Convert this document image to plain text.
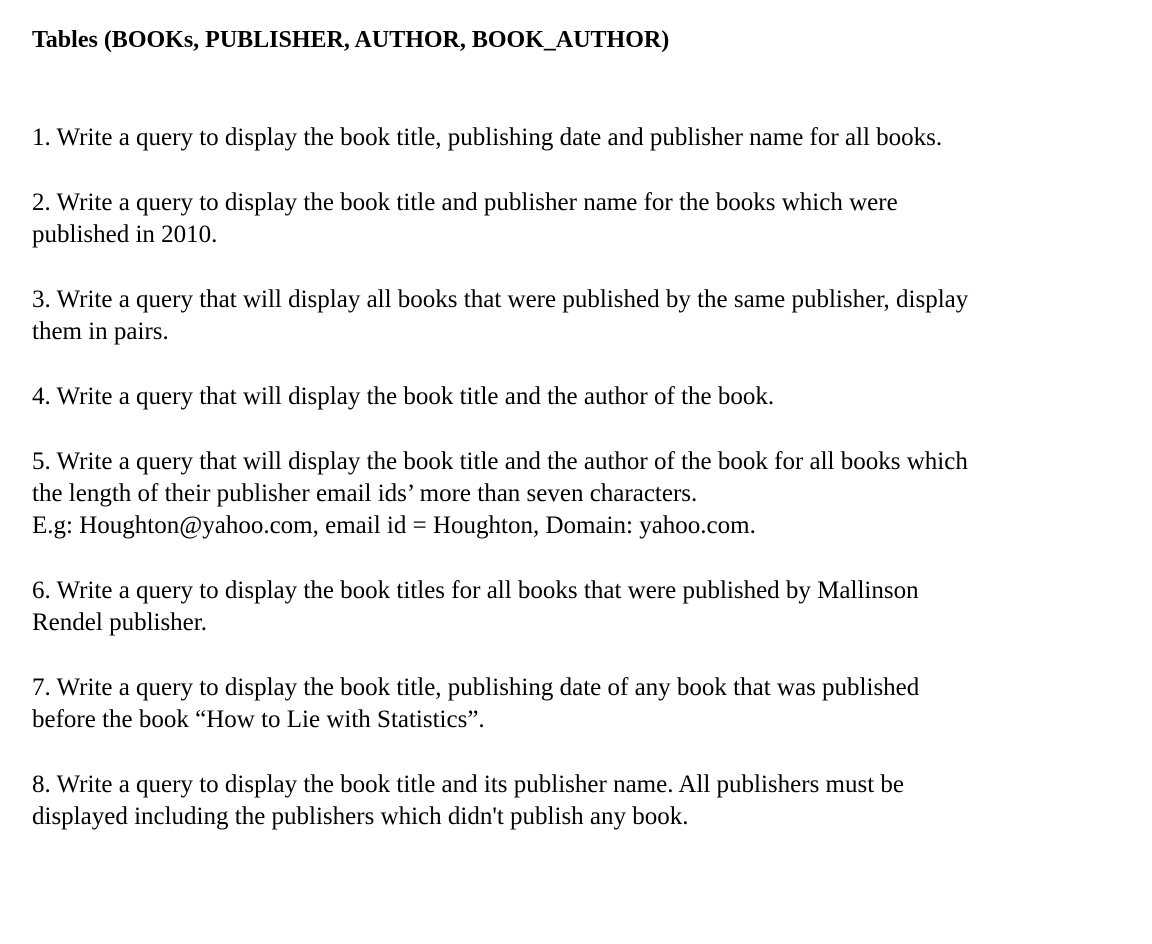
Tables (BOOKs, PUBLISHER, AUTHOR, BOOK_AUTHOR)
1. Write a query to display the book title, publishing date and publisher name for all books.
2. Write a query to display the book title and publisher name for the books which were
published in 2010.
3. Write a query that will display all books that were published by the same publisher, display
them in pairs.
4. Write a query that will display the book title and the author of the book.
5. Write a query that will display the book title and the author of the book for all books which
the length of their publisher email ids’ more than seven characters.
E.g: Houghton@yahoo.com, email id = Houghton, Domain: yahoo.com.
6. Write a query to display the book titles for all books that were published by Mallinson
Rendel publisher.
7. Write a query to display the book title, publishing date of any book that was published
before the book “How to Lie with Statistics”.
8. Write a query to display the book title and its publisher name. All publishers must be
displayed including the publishers which didn't publish any book.
